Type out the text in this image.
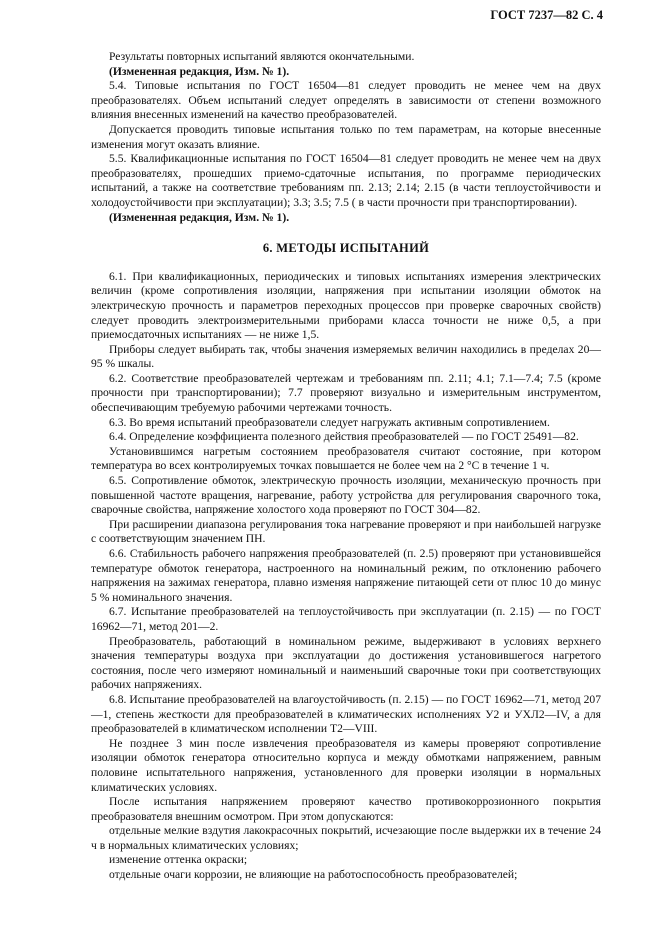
ГОСТ 7237—82 С. 4

Результаты повторных испытаний являются окончательными.

(Измененная редакция, Изм. № 1).

5.4. Типовые испытания по ГОСТ 16504—81 следует проводить не менее чем на двух преобразователях. Объем испытаний следует определять в зависимости от степени возможного влияния внесенных изменений на качество преобразователей.

Допускается проводить типовые испытания только по тем параметрам, на которые внесенные изменения могут оказать влияние.

5.5. Квалификационные испытания по ГОСТ 16504—81 следует проводить не менее чем на двух преобразователях, прошедших приемо-сдаточные испытания, по программе периодических испытаний, а также на соответствие требованиям пп. 2.13; 2.14; 2.15 (в части теплоустойчивости и холодоустойчивости при эксплуатации); 3.3; 3.5; 7.5 ( в части прочности при транспортировании).

(Измененная редакция, Изм. № 1).

6. МЕТОДЫ ИСПЫТАНИЙ

6.1. При квалификационных, периодических и типовых испытаниях измерения электрических величин (кроме сопротивления изоляции, напряжения при испытании изоляции обмоток на электрическую прочность и параметров переходных процессов при проверке сварочных свойств) следует проводить электроизмерительными приборами класса точности не ниже 0,5, а при приемосдаточных испытаниях — не ниже 1,5.

Приборы следует выбирать так, чтобы значения измеряемых величин находились в пределах 20—95 % шкалы.

6.2. Соответствие преобразователей чертежам и требованиям пп. 2.11; 4.1; 7.1—7.4; 7.5 (кроме прочности при транспортировании); 7.7 проверяют визуально и измерительным инструментом, обеспечивающим требуемую рабочими чертежами точность.

6.3. Во время испытаний преобразователи следует нагружать активным сопротивлением.

6.4. Определение коэффициента полезного действия преобразователей — по ГОСТ 25491—82.

Установившимся нагретым состоянием преобразователя считают состояние, при котором температура во всех контролируемых точках повышается не более чем на 2 °С в течение 1 ч.

6.5. Сопротивление обмоток, электрическую прочность изоляции, механическую прочность при повышенной частоте вращения, нагревание, работу устройства для регулирования сварочного тока, сварочные свойства, напряжение холостого хода проверяют по ГОСТ 304—82.

При расширении диапазона регулирования тока нагревание проверяют и при наибольшей нагрузке с соответствующим значением ПН.

6.6. Стабильность рабочего напряжения преобразователей (п. 2.5) проверяют при установившейся температуре обмоток генератора, настроенного на номинальный режим, по отклонению рабочего напряжения на зажимах генератора, плавно изменяя напряжение питающей сети от плюс 10 до минус 5 % номинального значения.

6.7. Испытание преобразователей на теплоустойчивость при эксплуатации (п. 2.15) — по ГОСТ 16962—71, метод 201—2.

Преобразователь, работающий в номинальном режиме, выдерживают в условиях верхнего значения температуры воздуха при эксплуатации до достижения установившегося нагретого состояния, после чего измеряют номинальный и наименьший сварочные токи при соответствующих рабочих напряжениях.

6.8. Испытание преобразователей на влагоустойчивость (п. 2.15) — по ГОСТ 16962—71, метод 207—1, степень жесткости для преобразователей в климатических исполнениях У2 и УХЛ2—IV, а для преобразователей в климатическом исполнении Т2—VIII.

Не позднее 3 мин после извлечения преобразователя из камеры проверяют сопротивление изоляции обмоток генератора относительно корпуса и между обмотками напряжением, равным половине испытательного напряжения, установленного для проверки изоляции в нормальных климатических условиях.

После испытания напряжением проверяют качество противокоррозионного покрытия преобразователя внешним осмотром. При этом допускаются:

отдельные мелкие вздутия лакокрасочных покрытий, исчезающие после выдержки их в течение 24 ч в нормальных климатических условиях;

изменение оттенка окраски;

отдельные очаги коррозии, не влияющие на работоспособность преобразователей;
